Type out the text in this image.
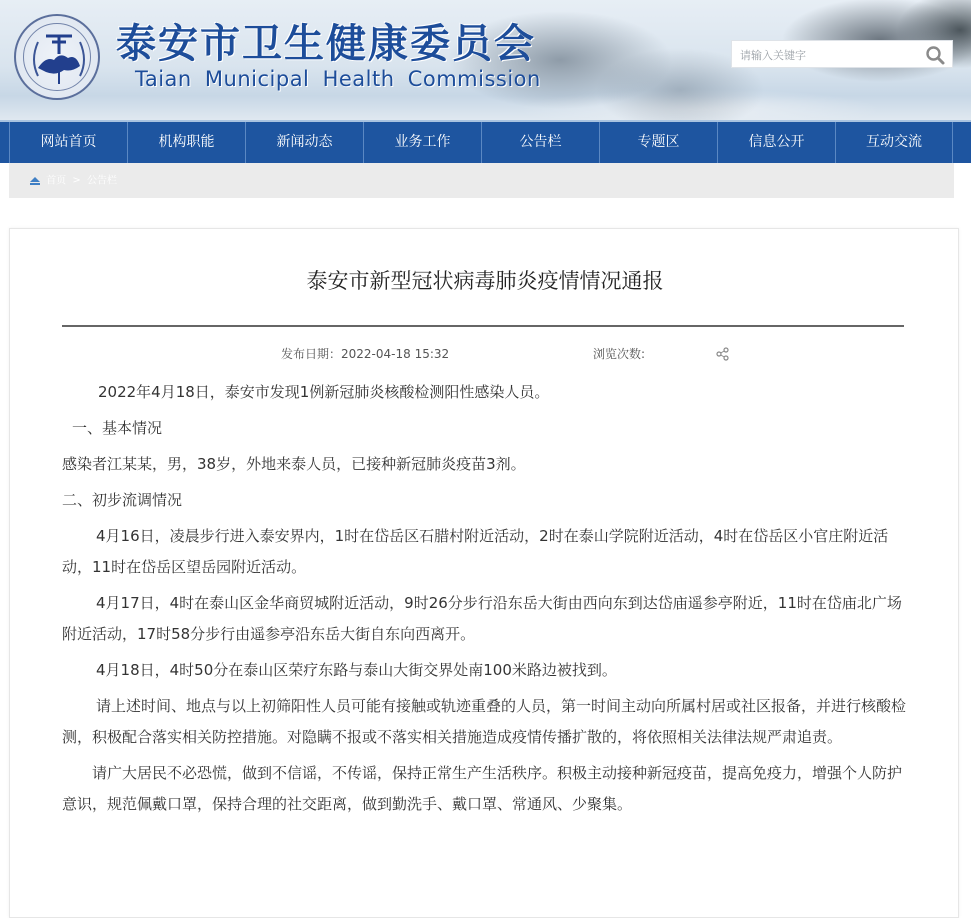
泰安市卫生健康委员会
Taian Municipal Health Commission
请输入关键字
网站首页	机构职能	新闻动态	业务工作	公告栏	专题区	信息公开	互动交流
首页 > 公告栏
泰安市新型冠状病毒肺炎疫情情况通报
发布日期：2022-04-18 15:32	浏览次数:

2022年4月18日，泰安市发现1例新冠肺炎核酸检测阳性感染人员。

一、基本情况

感染者江某某，男，38岁，外地来泰人员，已接种新冠肺炎疫苗3剂。

二、初步流调情况

4月16日，凌晨步行进入泰安界内，1时在岱岳区石腊村附近活动，2时在泰山学院附近活动，4时在岱岳区小官庄附近活动，11时在岱岳区望岳园附近活动。

4月17日，4时在泰山区金华商贸城附近活动，9时26分步行沿东岳大街由西向东到达岱庙遥参亭附近，11时在岱庙北广场附近活动，17时58分步行由遥参亭沿东岳大街自东向西离开。

4月18日，4时50分在泰山区荣疗东路与泰山大街交界处南100米路边被找到。

请上述时间、地点与以上初筛阳性人员可能有接触或轨迹重叠的人员，第一时间主动向所属村居或社区报备，并进行核酸检测，积极配合落实相关防控措施。对隐瞒不报或不落实相关措施造成疫情传播扩散的，将依照相关法律法规严肃追责。

请广大居民不必恐慌，做到不信谣，不传谣，保持正常生产生活秩序。积极主动接种新冠疫苗，提高免疫力，增强个人防护意识，规范佩戴口罩，保持合理的社交距离，做到勤洗手、戴口罩、常通风、少聚集。
